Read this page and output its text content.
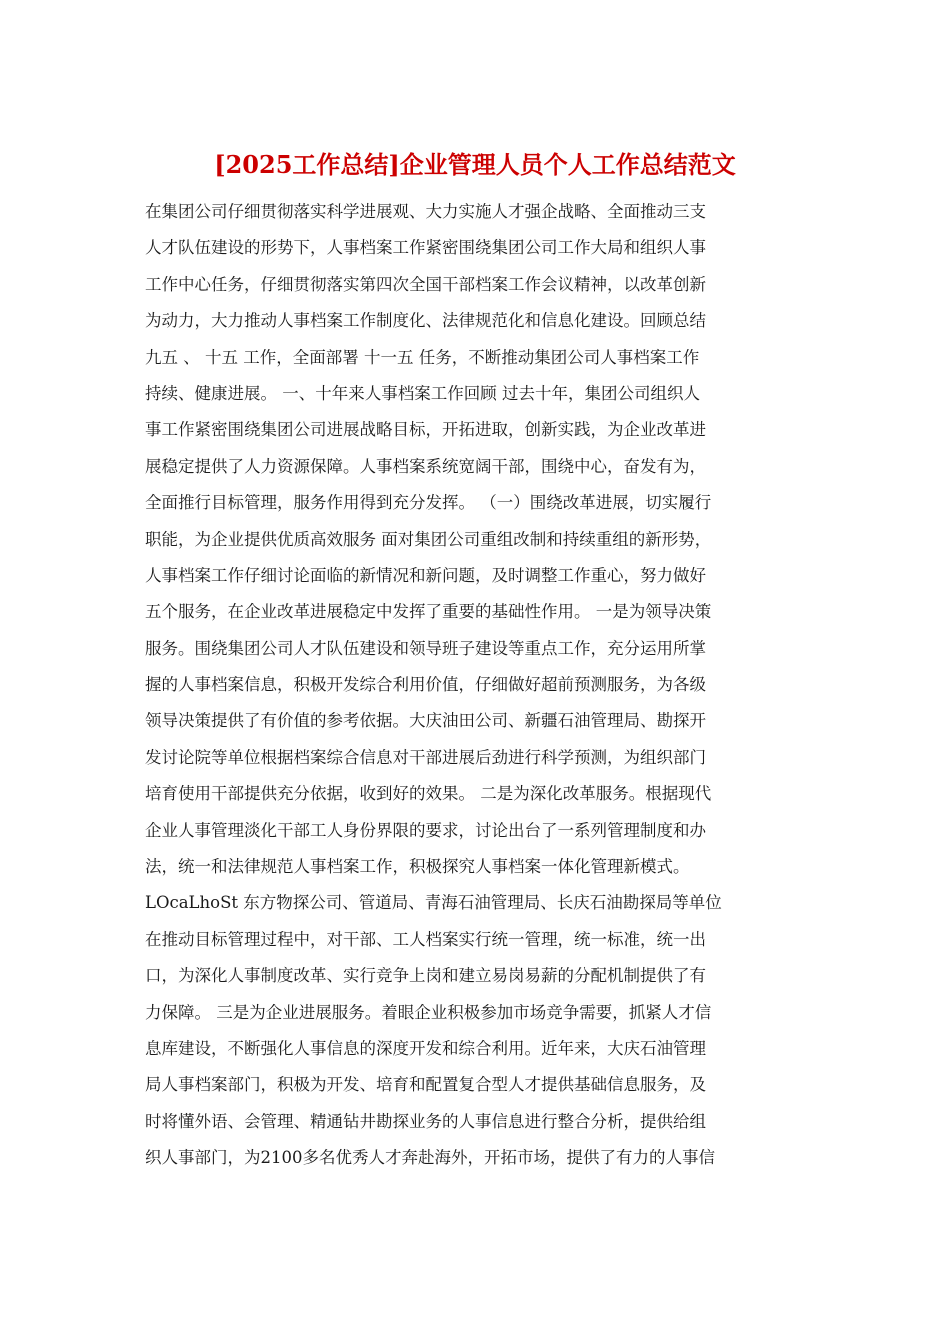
[2025工作总结]企业管理人员个人工作总结范文
在集团公司仔细贯彻落实科学进展观、大力实施人才强企战略、全面推动三支
人才队伍建设的形势下，人事档案工作紧密围绕集团公司工作大局和组织人事
工作中心任务，仔细贯彻落实第四次全国干部档案工作会议精神，以改革创新
为动力，大力推动人事档案工作制度化、法律规范化和信息化建设。回顾总结
九五 、 十五 工作，全面部署 十一五 任务，不断推动集团公司人事档案工作
持续、健康进展。 一、十年来人事档案工作回顾 过去十年，集团公司组织人
事工作紧密围绕集团公司进展战略目标，开拓进取，创新实践，为企业改革进
展稳定提供了人力资源保障。人事档案系统宽阔干部，围绕中心，奋发有为，
全面推行目标管理，服务作用得到充分发挥。 （一）围绕改革进展，切实履行
职能，为企业提供优质高效服务 面对集团公司重组改制和持续重组的新形势，
人事档案工作仔细讨论面临的新情况和新问题，及时调整工作重心，努力做好
五个服务，在企业改革进展稳定中发挥了重要的基础性作用。 一是为领导决策
服务。围绕集团公司人才队伍建设和领导班子建设等重点工作，充分运用所掌
握的人事档案信息，积极开发综合利用价值，仔细做好超前预测服务，为各级
领导决策提供了有价值的参考依据。大庆油田公司、新疆石油管理局、勘探开
发讨论院等单位根据档案综合信息对干部进展后劲进行科学预测，为组织部门
培育使用干部提供充分依据，收到好的效果。 二是为深化改革服务。根据现代
企业人事管理淡化干部工人身份界限的要求，讨论出台了一系列管理制度和办
法，统一和法律规范人事档案工作，积极探究人事档案一体化管理新模式。
LOcaLhoSt 东方物探公司、管道局、青海石油管理局、长庆石油勘探局等单位
在推动目标管理过程中，对干部、工人档案实行统一管理，统一标准，统一出
口，为深化人事制度改革、实行竞争上岗和建立易岗易薪的分配机制提供了有
力保障。 三是为企业进展服务。着眼企业积极参加市场竞争需要，抓紧人才信
息库建设，不断强化人事信息的深度开发和综合利用。近年来，大庆石油管理
局人事档案部门，积极为开发、培育和配置复合型人才提供基础信息服务，及
时将懂外语、会管理、精通钻井勘探业务的人事信息进行整合分析，提供给组
织人事部门，为2100多名优秀人才奔赴海外，开拓市场，提供了有力的人事信
